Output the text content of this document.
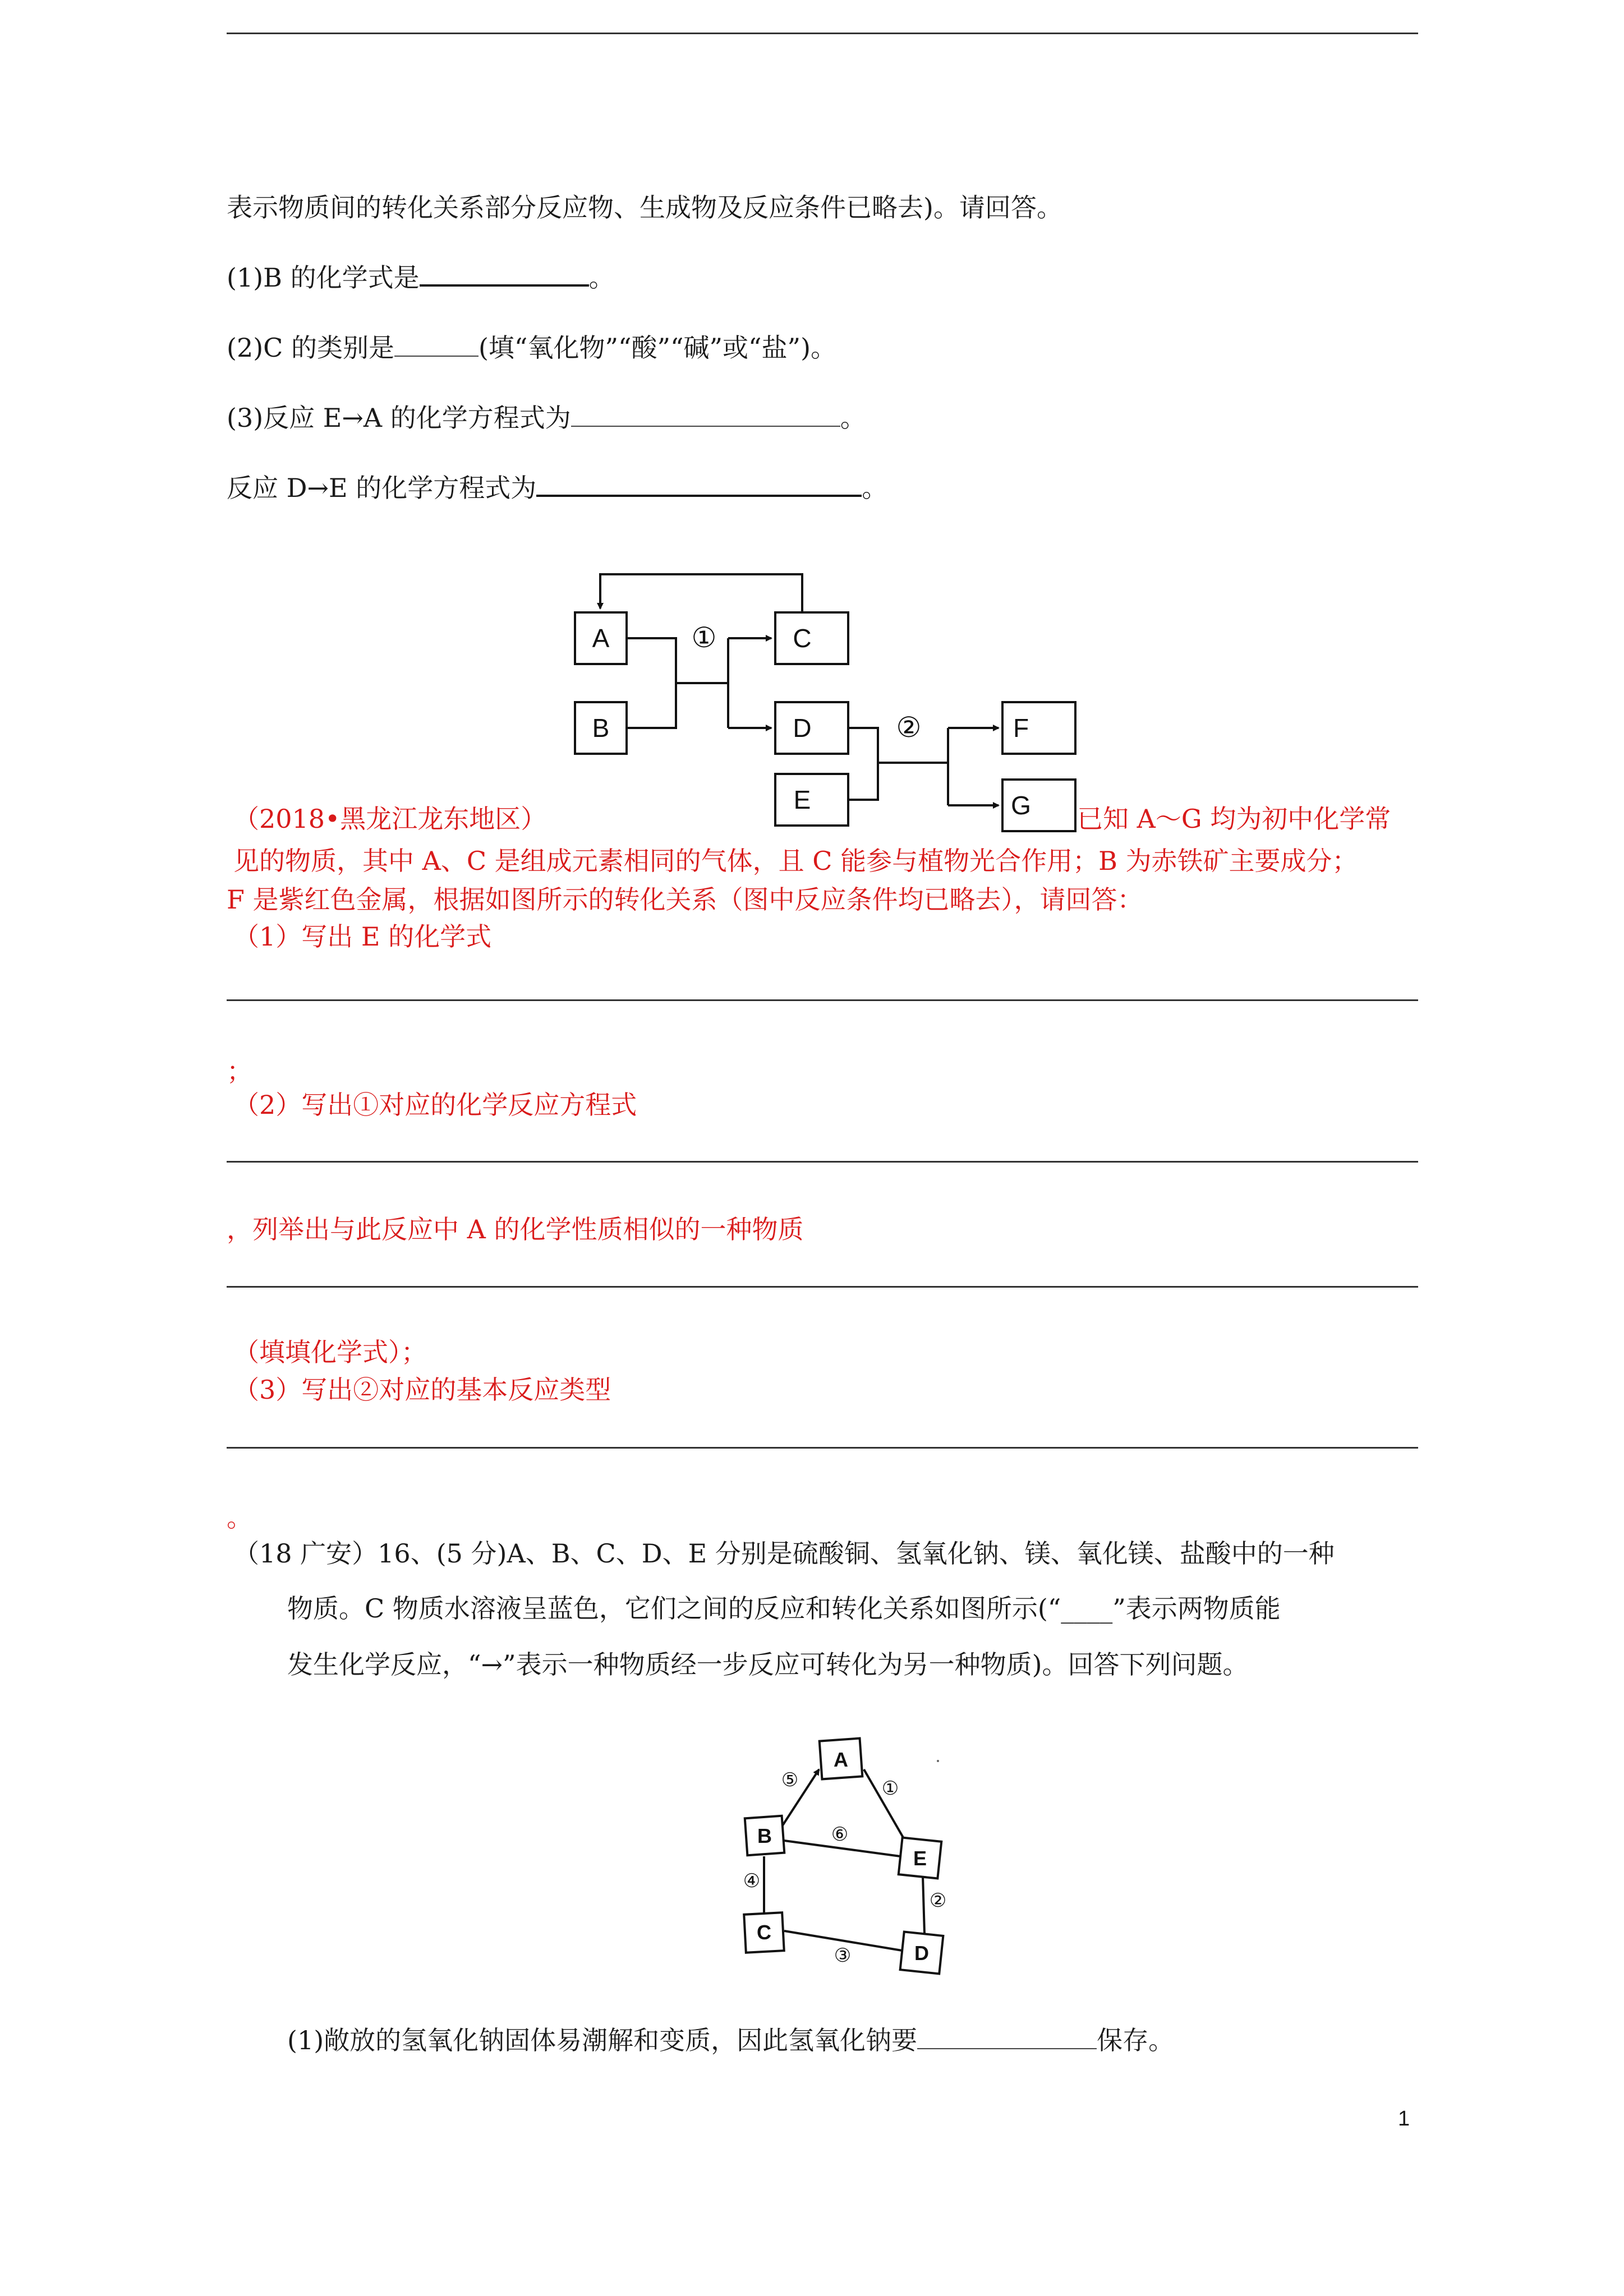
表示物质间的转化关系部分反应物、生成物及反应条件已略去)。请回答。
(1)B 的化学式是	。
(2)C 的类别是	(填“氧化物”“酸”“碱”或“盐”)。
(3)反应 E→A 的化学方程式为	。
反应 D→E 的化学方程式为	。
A
B
C
D
E
F
G
①
②
（2018•黑龙江龙东地区）	已知 A～G 均为初中化学常
见的物质，其中 A、C 是组成元素相同的气体，且 C 能参与植物光合作用；B 为赤铁矿主要成分；
F 是紫红色金属，根据如图所示的转化关系（图中反应条件均已略去），请回答：
（1）写出 E 的化学式
；
（2）写出①对应的化学反应方程式
，列举出与此反应中 A 的化学性质相似的一种物质
（填填化学式）；
（3）写出②对应的基本反应类型
。
（18 广安）16、(5 分)A、B、C、D、E 分别是硫酸铜、氢氧化钠、镁、氧化镁、盐酸中的一种
物质。C 物质水溶液呈蓝色，它们之间的反应和转化关系如图所示(“____”表示两物质能
发生化学反应，“→”表示一种物质经一步反应可转化为另一种物质)。回答下列问题。
A
B
C
D
E
⑤	①
⑥
④
②
③
(1)敞放的氢氧化钠固体易潮解和变质，因此氢氧化钠要	保存。
1
